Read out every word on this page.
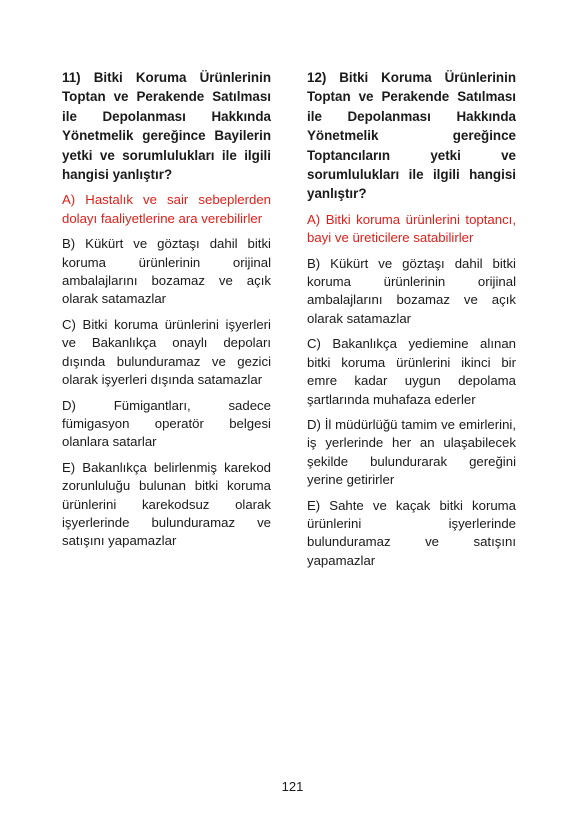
11) Bitki Koruma Ürünlerinin Toptan ve Perakende Satılması ile Depolanması Hakkında Yönetmelik gereğince Bayilerin yetki ve sorumlulukları ile ilgili hangisi yanlıştır?

A) Hastalık ve sair sebeplerden dolayı faaliyetlerine ara verebilirler

B) Kükürt ve göztaşı dahil bitki koruma ürünlerinin orijinal ambalajlarını bozamaz ve açık olarak satamazlar

C) Bitki koruma ürünlerini işyerleri ve Bakanlıkça onaylı depoları dışında bulunduramaz ve gezici olarak işyerleri dışında satamazlar

D) Fümigantları, sadece fümigasyon operatör belgesi olanlara satarlar

E) Bakanlıkça belirlenmiş karekod zorunluluğu bulunan bitki koruma ürünlerini karekodsuz olarak işyerlerinde bulunduramaz ve satışını yapamazlar

12) Bitki Koruma Ürünlerinin Toptan ve Perakende Satılması ile Depolanması Hakkında Yönetmelik gereğince Toptancıların yetki ve sorumlulukları ile ilgili hangisi yanlıştır?

A) Bitki koruma ürünlerini toptancı, bayi ve üreticilere satabilirler

B) Kükürt ve göztaşı dahil bitki koruma ürünlerinin orijinal ambalajlarını bozamaz ve açık olarak satamazlar

C) Bakanlıkça yediemine alınan bitki koruma ürünlerini ikinci bir emre kadar uygun depolama şartlarında muhafaza ederler

D) İl müdürlüğü tamim ve emirlerini, iş yerlerinde her an ulaşabilecek şekilde bulundurarak gereğini yerine getirirler

E) Sahte ve kaçak bitki koruma ürünlerini işyerlerinde bulunduramaz ve satışını yapamazlar

121
